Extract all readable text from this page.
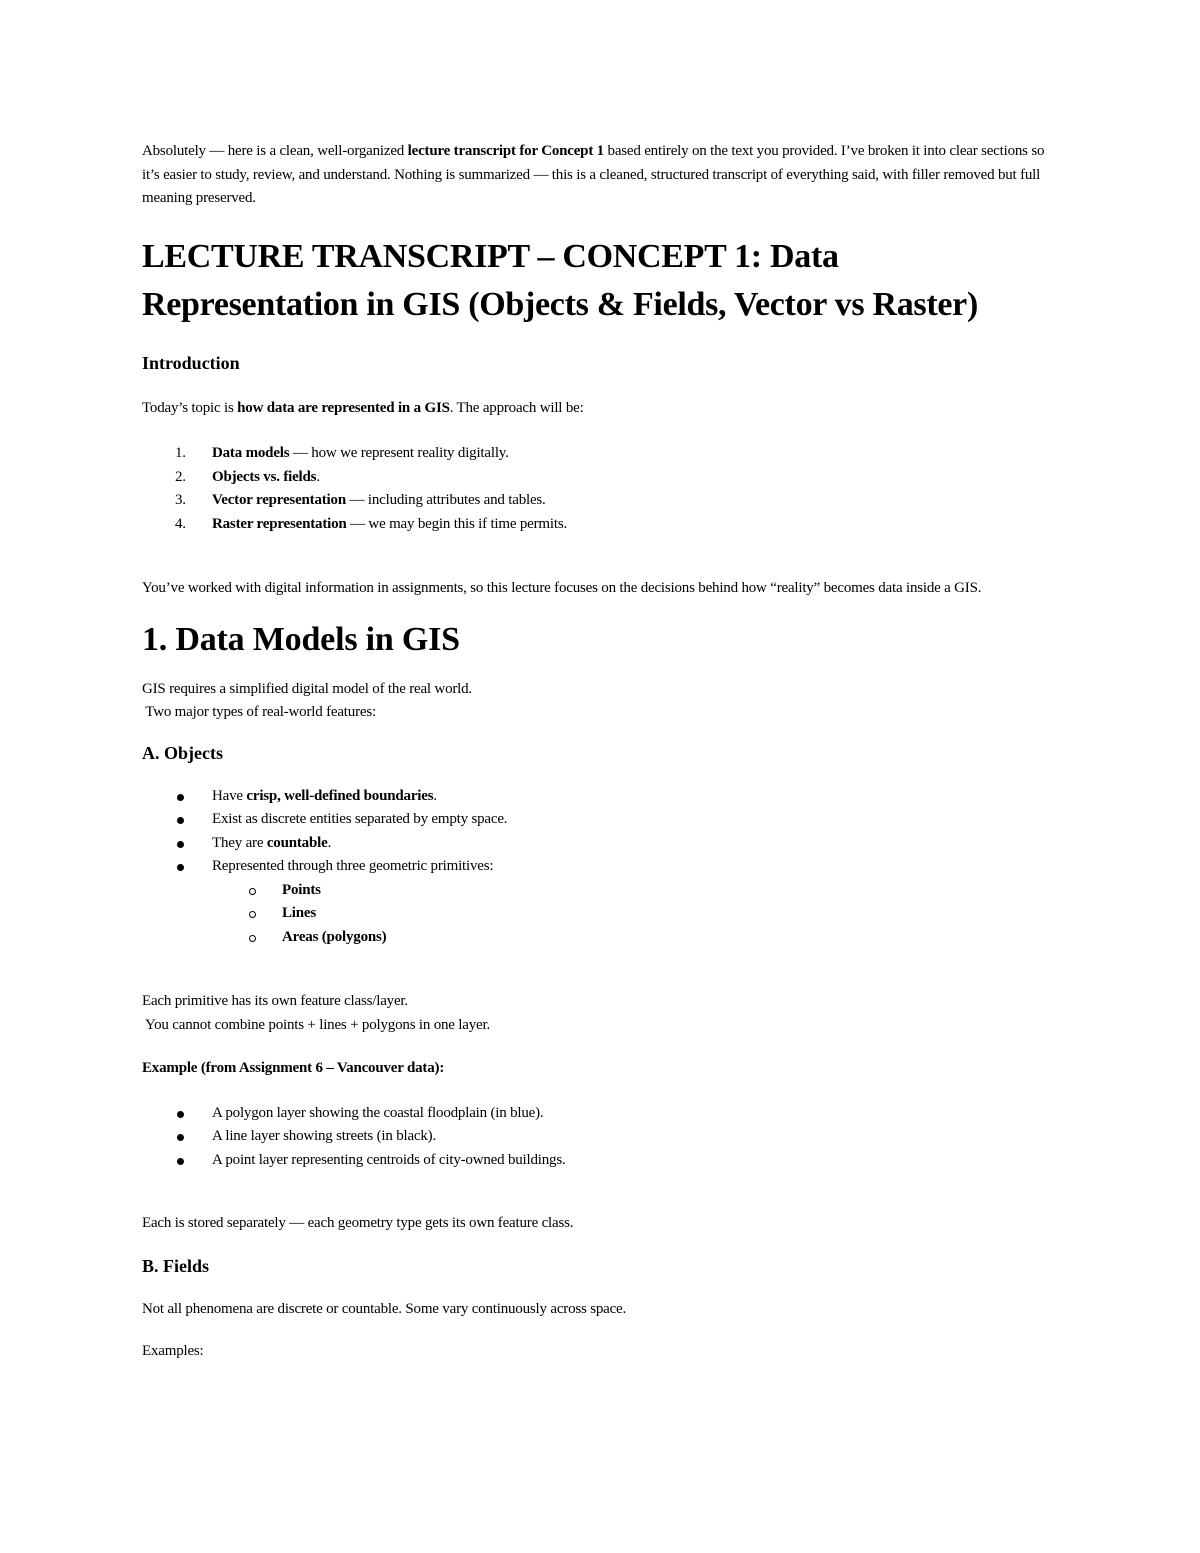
Absolutely — here is a clean, well-organized lecture transcript for Concept 1 based entirely on the text you provided. I’ve broken it into clear sections so it’s easier to study, review, and understand. Nothing is summarized — this is a cleaned, structured transcript of everything said, with filler removed but full meaning preserved.

LECTURE TRANSCRIPT – CONCEPT 1: Data Representation in GIS (Objects & Fields, Vector vs Raster)
Introduction

Today’s topic is how data are represented in a GIS. The approach will be:

1. Data models — how we represent reality digitally.
2. Objects vs. fields.
3. Vector representation — including attributes and tables.
4. Raster representation — we may begin this if time permits.

You’ve worked with digital information in assignments, so this lecture focuses on the decisions behind how “reality” becomes data inside a GIS.

1. Data Models in GIS

GIS requires a simplified digital model of the real world.

Two major types of real-world features:

A. Objects
Have crisp, well-defined boundaries.
Exist as discrete entities separated by empty space.
They are countable.
Represented through three geometric primitives:
Points
Lines
Areas (polygons)

Each primitive has its own feature class/layer.

You cannot combine points + lines + polygons in one layer.

Example (from Assignment 6 – Vancouver data):

A polygon layer showing the coastal floodplain (in blue).
A line layer showing streets (in black).
A point layer representing centroids of city-owned buildings.

Each is stored separately — each geometry type gets its own feature class.

B. Fields

Not all phenomena are discrete or countable. Some vary continuously across space.

Examples:
